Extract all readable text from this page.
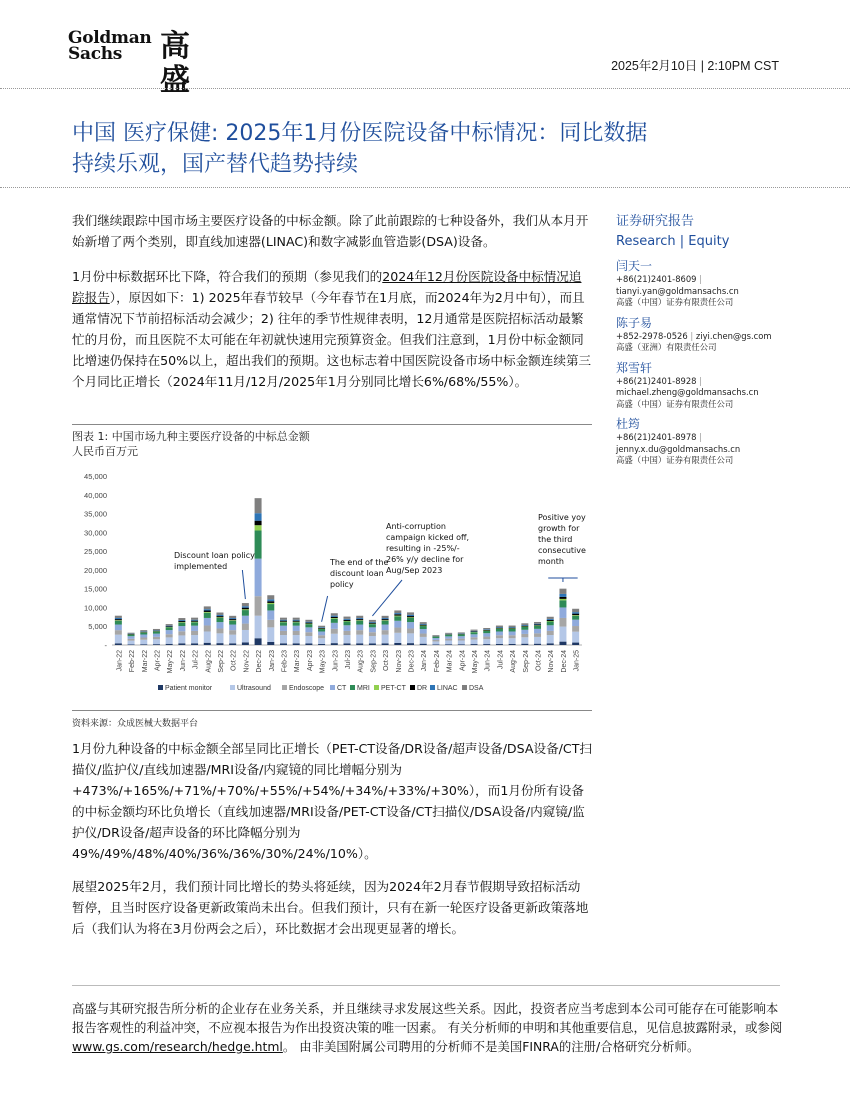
Goldman
Sachs	高盛	2025年2月10日 | 2:10PM CST
中国 医疗保健: 2025年1月份医院设备中标情况：同比数据
持续乐观，国产替代趋势持续
我们继续跟踪中国市场主要医疗设备的中标金额。除了此前跟踪的七种设备外，我们从本月开始新增了两个类别，即直线加速器(LINAC)和数字减影血管造影(DSA)设备。
1月份中标数据环比下降，符合我们的预期（参见我们的2024年12月份医院设备中标情况追踪报告），原因如下：1) 2025年春节较早（今年春节在1月底，而2024年为2月中旬），而且通常情况下节前招标活动会减少；2) 往年的季节性规律表明，12月通常是医院招标活动最繁忙的月份，而且医院不太可能在年初就快速用完预算资金。但我们注意到，1月份中标金额同比增速仍保持在50%以上，超出我们的预期。这也标志着中国医院设备市场中标金额连续第三个月同比正增长（2024年11月/12月/2025年1月分别同比增长6%/68%/55%）。
证券研究报告
Research | Equity
闫天一
+86(21)2401-8609 |
tianyi.yan@goldmansachs.cn
高盛（中国）证券有限责任公司
陈子易
+852-2978-0526 | ziyi.chen@gs.com
高盛（亚洲）有限责任公司
郑雪轩
+86(21)2401-8928 |
michael.zheng@goldmansachs.cn
高盛（中国）证券有限责任公司
杜筠
+86(21)2401-8978 |
jenny.x.du@goldmansachs.cn
高盛（中国）证券有限责任公司
图表 1: 中国市场九种主要医疗设备的中标总金额
人民币百万元
-
5,000
10,000
15,000
20,000
25,000
30,000
35,000
40,000
45,000
Jan-22 Feb-22 Mar-22 Apr-22 May-22 Jun-22 Jul-22 Aug-22 Sep-22 Oct-22 Nov-22 Dec-22 Jan-23 Feb-23 Mar-23 Apr-23 May-23 Jun-23 Jul-23 Aug-23 Sep-23 Oct-23 Nov-23 Dec-23 Jan-24 Feb-24 Mar-24 Apr-24 May-24 Jun-24 Jul-24 Aug-24 Sep-24 Oct-24 Nov-24 Dec-24 Jan-25
Discount loan policy
implemented	The end of the
discount loan
policy
Anti-corruption
campaign kicked off,
resulting in -25%/-
26% y/y decline for
Aug/Sep 2023
Positive yoy
growth for
the third
consecutive
month
Patient monitor	Ultrasound	Endoscope CT MRI PET-CT DR LINAC DSA
资料来源：众成医械大数据平台
1月份九种设备的中标金额全部呈同比正增长（PET-CT设备/DR设备/超声设备/DSA设备/CT扫描仪/监护仪/直线加速器/MRI设备/内窥镜的同比增幅分别为+473%/+165%/+71%/+70%/+55%/+54%/+34%/+33%/+30%），而1月份所有设备的中标金额均环比负增长（直线加速器/MRI设备/PET-CT设备/CT扫描仪/DSA设备/内窥镜/监护仪/DR设备/超声设备的环比降幅分别为49%/49%/48%/40%/36%/36%/30%/24%/10%）。
展望2025年2月，我们预计同比增长的势头将延续，因为2024年2月春节假期导致招标活动暂停，且当时医疗设备更新政策尚未出台。但我们预计，只有在新一轮医疗设备更新政策落地后（我们认为将在3月份两会之后），环比数据才会出现更显著的增长。
高盛与其研究报告所分析的企业存在业务关系，并且继续寻求发展这些关系。因此，投资者应当考虑到本公司可能存在可能影响本报告客观性的利益冲突，不应视本报告为作出投资决策的唯一因素。 有关分析师的申明和其他重要信息，见信息披露附录，或参阅www.gs.com/research/hedge.html。 由非美国附属公司聘用的分析师不是美国FINRA的注册/合格研究分析师。
